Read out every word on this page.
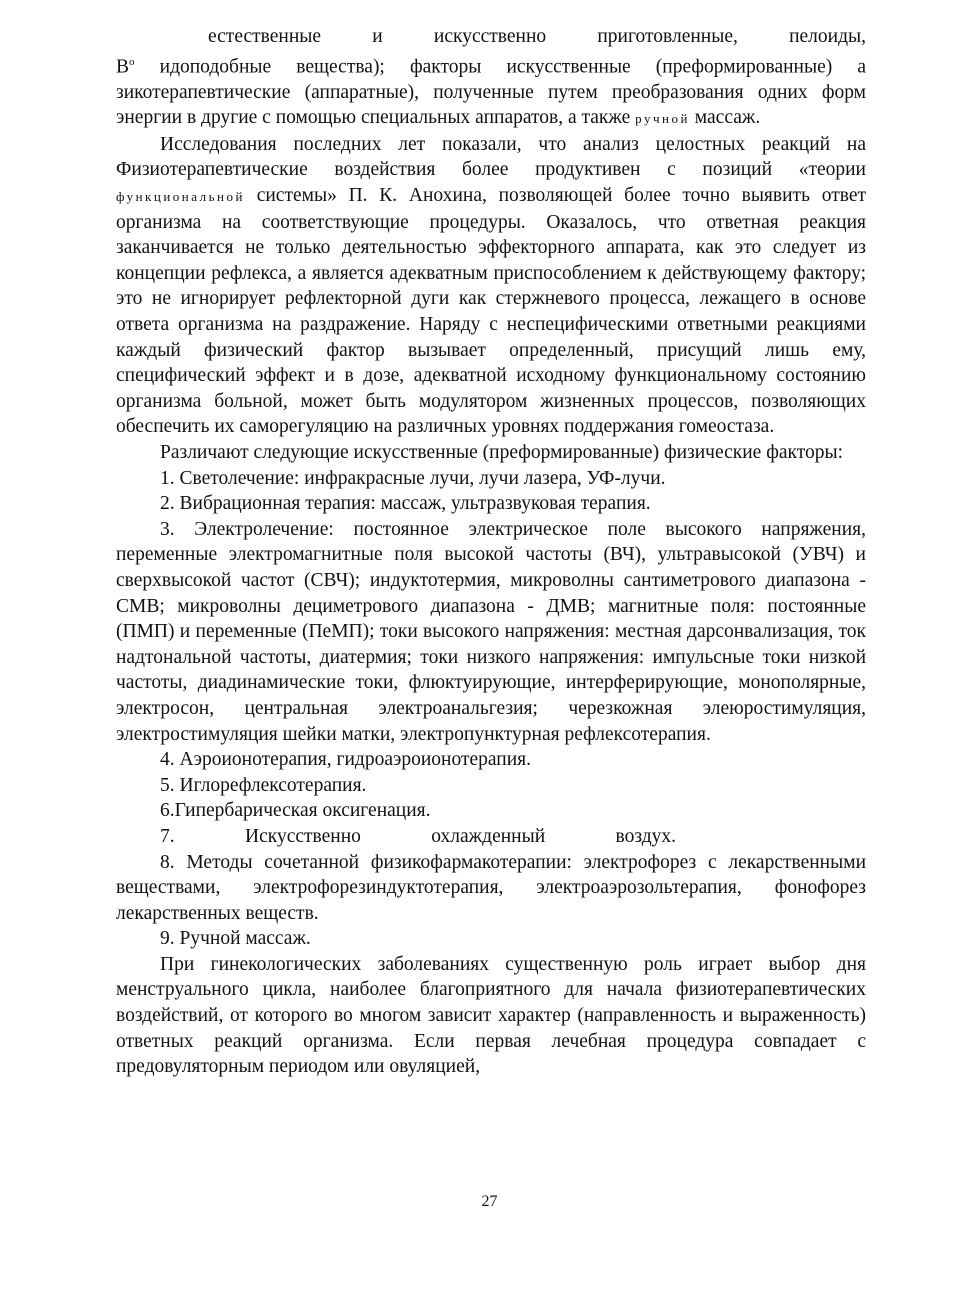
естественные и искусственно приготовленные, пелоиды,

$В^о$ идоподобные вещества); факторы искусственные (преформированные) а зикотерапевтические (аппаратные), полученные путем преобразования одних форм энергии в другие с помощью специальных аппаратов, а также ручной массаж.

Исследования последних лет показали, что анализ целостных реакций на Физиотерапевтические воздействия более продуктивен с позиций «теории функциональной системы» П. К. Анохина, позволяющей более точно выявить ответ организма на соответствующие процедуры. Оказалось, что ответная реакция заканчивается не только деятельностью эффекторного аппарата, как это следует из концепции рефлекса, а является адекватным приспособлением к действующему фактору; это не игнорирует рефлекторной дуги как стержневого процесса, лежащего в основе ответа организма на раздражение. Наряду с неспецифическими ответными реакциями каждый физический фактор вызывает определенный, присущий лишь ему, специфический эффект и в дозе, адекватной исходному функциональному состоянию организма больной, может быть модулятором жизненных процессов, позволяющих обеспечить их саморегуляцию на различных уровнях поддержания гомеостаза.

Различают следующие искусственные (преформированные) физические факторы:

1. Светолечение: инфракрасные лучи, лучи лазера, УФ-лучи.

2. Вибрационная терапия: массаж, ультразвуковая терапия.

3. Электролечение: постоянное электрическое поле высокого напряжения, переменные электромагнитные поля высокой частоты (ВЧ), ультравысокой (УВЧ) и сверхвысокой частот (СВЧ); индуктотермия, микроволны сантиметрового диапазона - СМВ; микроволны дециметрового диапазона - ДМВ; магнитные поля: постоянные (ПМП) и переменные (ПеМП); токи высокого напряжения: местная дарсонвализация, ток надтональной частоты, диатермия; токи низкого напряжения: импульсные токи низкой частоты, диадинамические токи, флюктуирующие, интерферирующие, монополярные, электросон, центральная электроанальгезия; черезкожная элеюростимуляция, электростимуляция шейки матки, электропунктурная рефлексотерапия.

4. Аэроионотерапия, гидроаэроионотерапия.

5. Иглорефлексотерапия.

6.Гипербарическая оксигенация.

7. Искусственно охлажденный воздух.

8. Методы сочетанной физикофармакотерапии: электрофорез с лекарственными веществами, электрофорезиндуктотерапия, электроаэрозольтерапия, фонофорез лекарственных веществ.

9. Ручной массаж.

При гинекологических заболеваниях существенную роль играет выбор дня менструального цикла, наиболее благоприятного для начала физиотерапевтических воздействий, от которого во многом зависит характер (направленность и выраженность) ответных реакций организма. Если первая лечебная процедура совпадает с предовуляторным периодом или овуляцией,

27
